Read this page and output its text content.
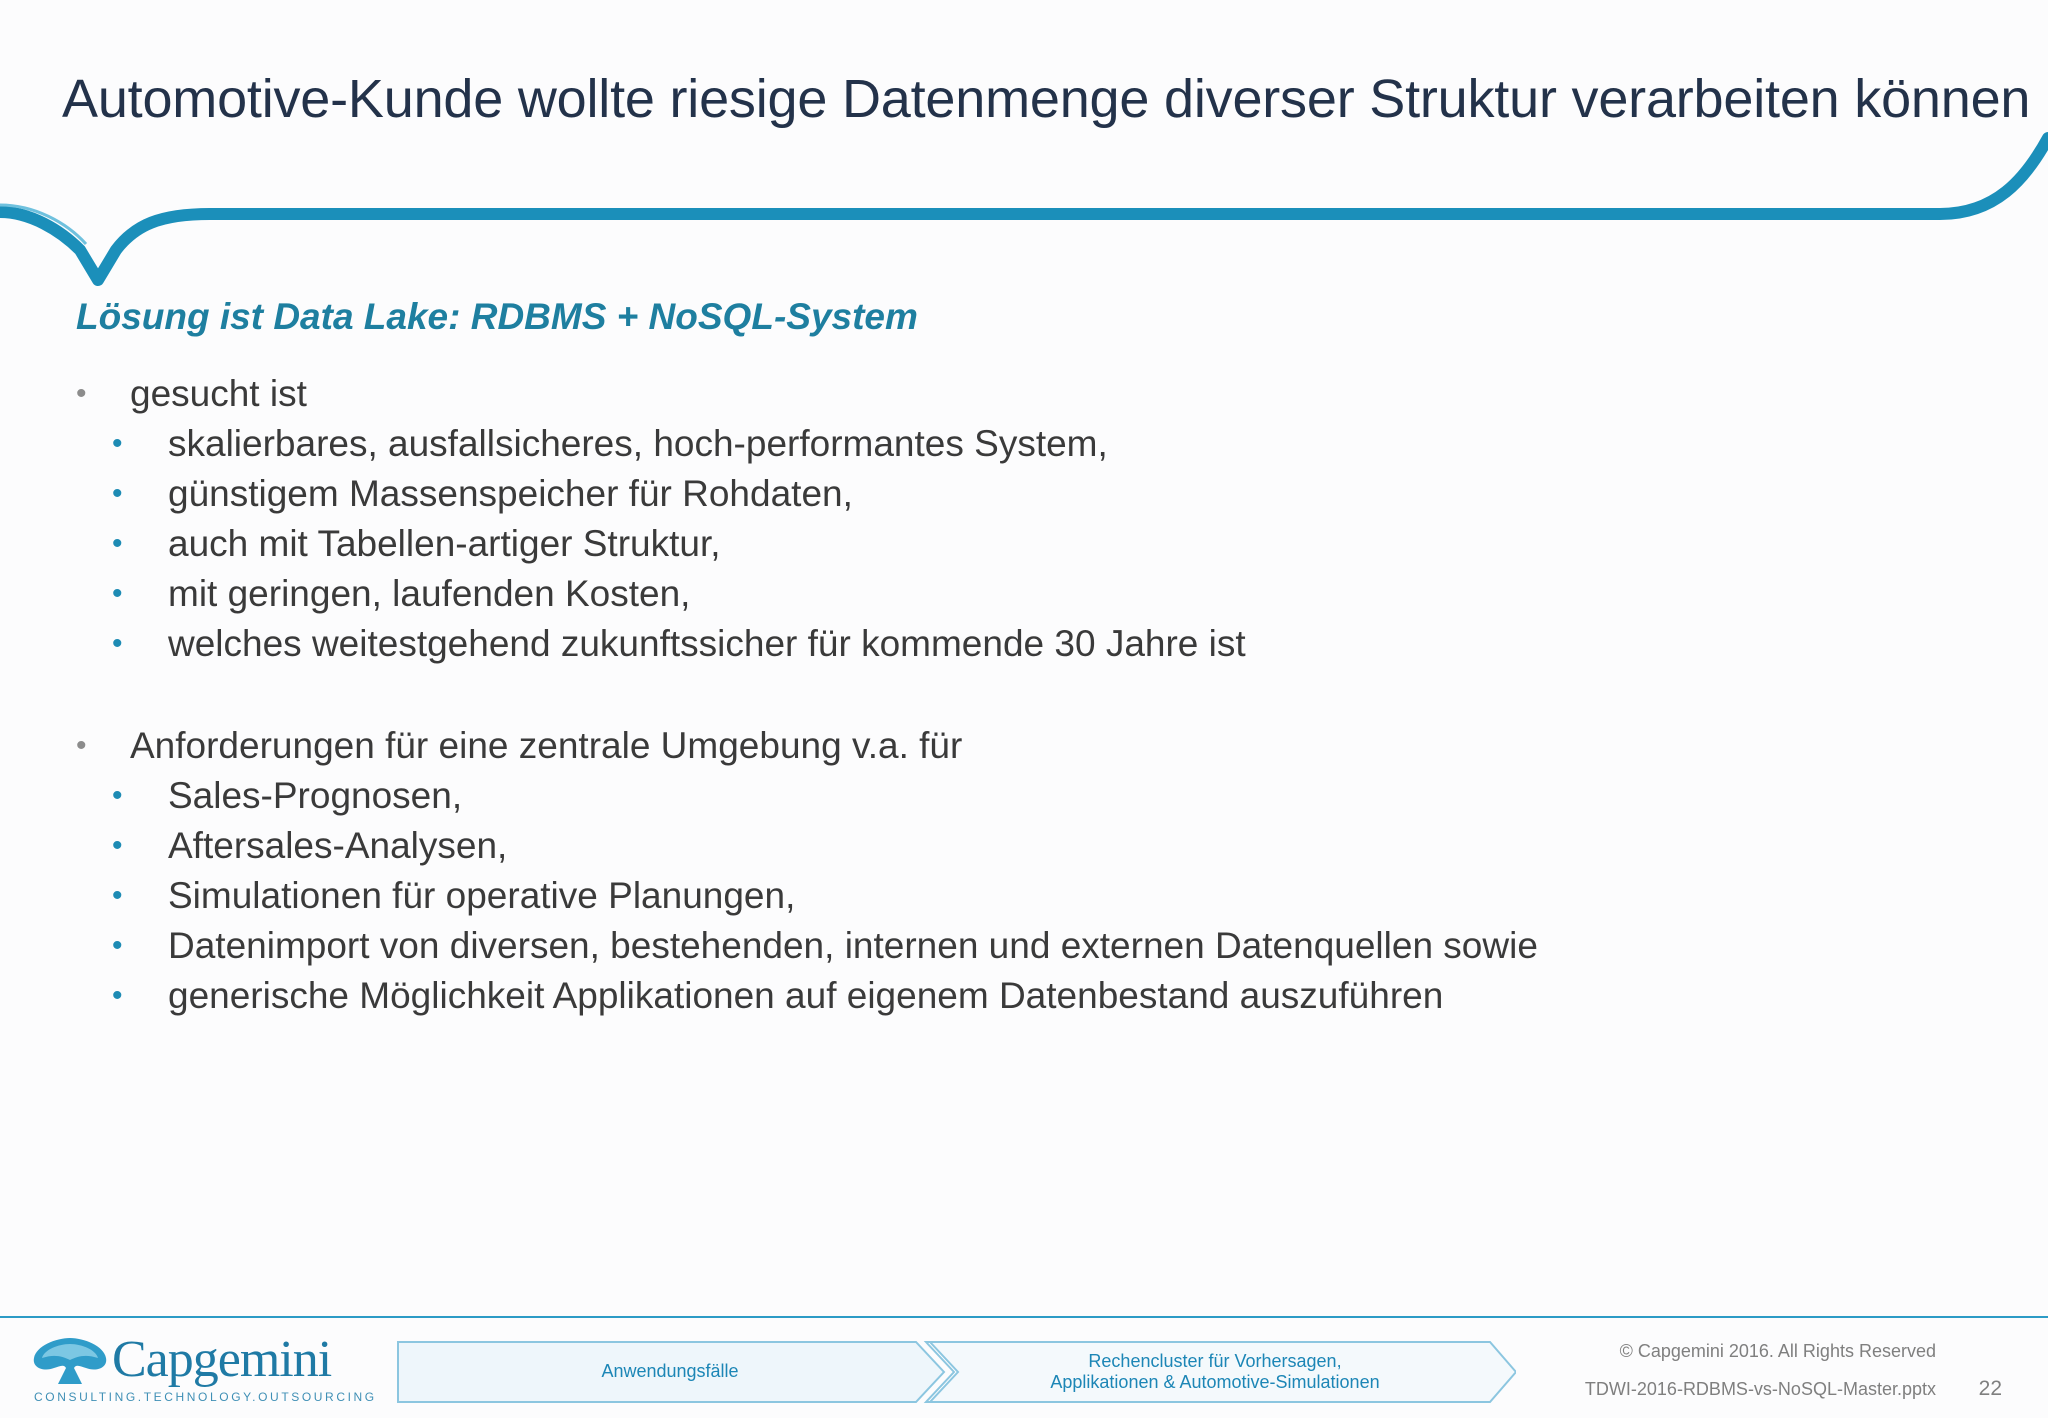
Automotive-Kunde wollte riesige Datenmenge diverser Struktur verarbeiten können
Lösung ist Data Lake: RDBMS + NoSQL-System
• gesucht ist
• skalierbares, ausfallsicheres, hoch-performantes System,
• günstigem Massenspeicher für Rohdaten,
• auch mit Tabellen-artiger Struktur,
• mit geringen, laufenden Kosten,
• welches weitestgehend zukunftssicher für kommende 30 Jahre ist
• Anforderungen für eine zentrale Umgebung v.a. für
• Sales-Prognosen,
• Aftersales-Analysen,
• Simulationen für operative Planungen,
• Datenimport von diversen, bestehenden, internen und externen Datenquellen sowie
• generische Möglichkeit Applikationen auf eigenem Datenbestand auszuführen
Capgemini
CONSULTING.TECHNOLOGY.OUTSOURCING
Anwendungsfälle	Rechencluster für Vorhersagen,
Applikationen & Automotive-Simulationen
© Capgemini 2016. All Rights Reserved
TDWI-2016-RDBMS-vs-NoSQL-Master.pptx 22
